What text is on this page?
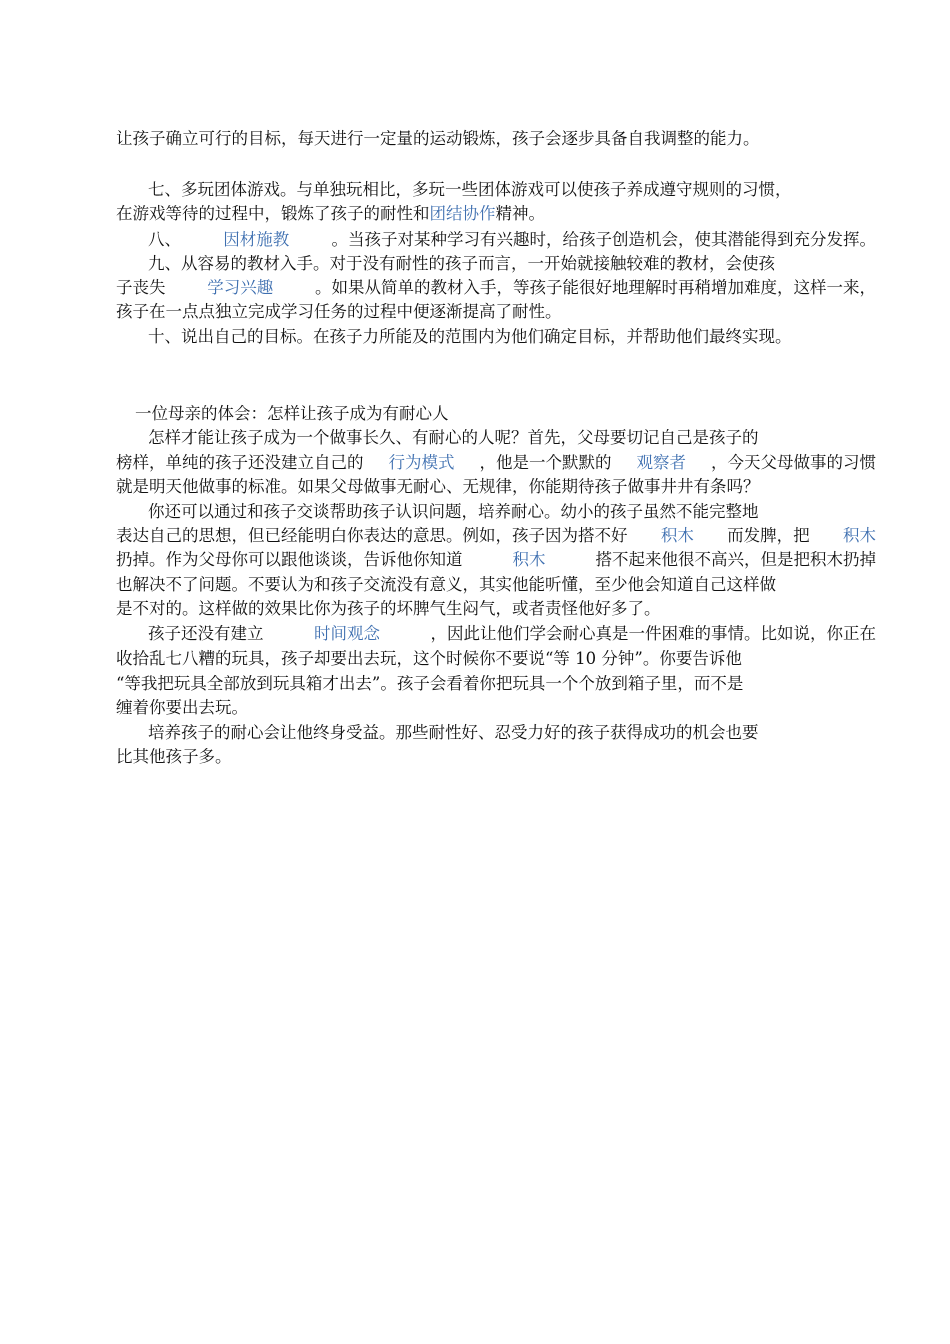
让孩子确立可行的目标，每天进行一定量的运动锻炼，孩子会逐步具备自我调整的能力。
七、多玩团体游戏。与单独玩相比，多玩一些团体游戏可以使孩子养成遵守规则的习惯，
在游戏等待的过程中，锻炼了孩子的耐性和 团结协作 精神。
八、	因材施教	。当孩子对某种学习有兴趣时，给孩子创造机会，使其潜能得到充分发挥。
九、从容易的教材入手。对于没有耐性的孩子而言，一开始就接触较难的教材，会使孩
子丧失	学习兴趣	。如果从简单的教材入手，等孩子能很好地理解时再稍增加难度，这样一来，
孩子在一点点独立完成学习任务的过程中便逐渐提高了耐性。
十、说出自己的目标。在孩子力所能及的范围内为他们确定目标，并帮助他们最终实现。
一位母亲的体会：怎样让孩子成为有耐心人
怎样才能让孩子成为一个做事长久、有耐心的人呢？首先，父母要切记自己是孩子的
榜样，单纯的孩子还没建立自己的 行为模式 ，他是一个默默的 观察者 ，今天父母做事的习惯
就是明天他做事的标准。如果父母做事无耐心、无规律，你能期待孩子做事井井有条吗？
你还可以通过和孩子交谈帮助孩子认识问题，培养耐心。幼小的孩子虽然不能完整地
表达自己的思想，但已经能明白你表达的意思。例如，孩子因为搭不好 积木 而发脾，把 积木
扔掉。作为父母你可以跟他谈谈，告诉他你知道	积木	搭不起来他很不高兴，但是把积木扔掉
也解决不了问题。不要认为和孩子交流没有意义，其实他能听懂，至少他会知道自己这样做
是不对的。这样做的效果比你为孩子的坏脾气生闷气，或者责怪他好多了。
孩子还没有建立	时间观念	，因此让他们学会耐心真是一件困难的事情。比如说，你正在
收拾乱七八糟的玩具，孩子却要出去玩，这个时候你不要说“等 10 分钟”。你要告诉他
“等我把玩具全部放到玩具箱才出去”。孩子会看着你把玩具一个个放到箱子里，而不是
缠着你要出去玩。
培养孩子的耐心会让他终身受益。那些耐性好、忍受力好的孩子获得成功的机会也要
比其他孩子多。
